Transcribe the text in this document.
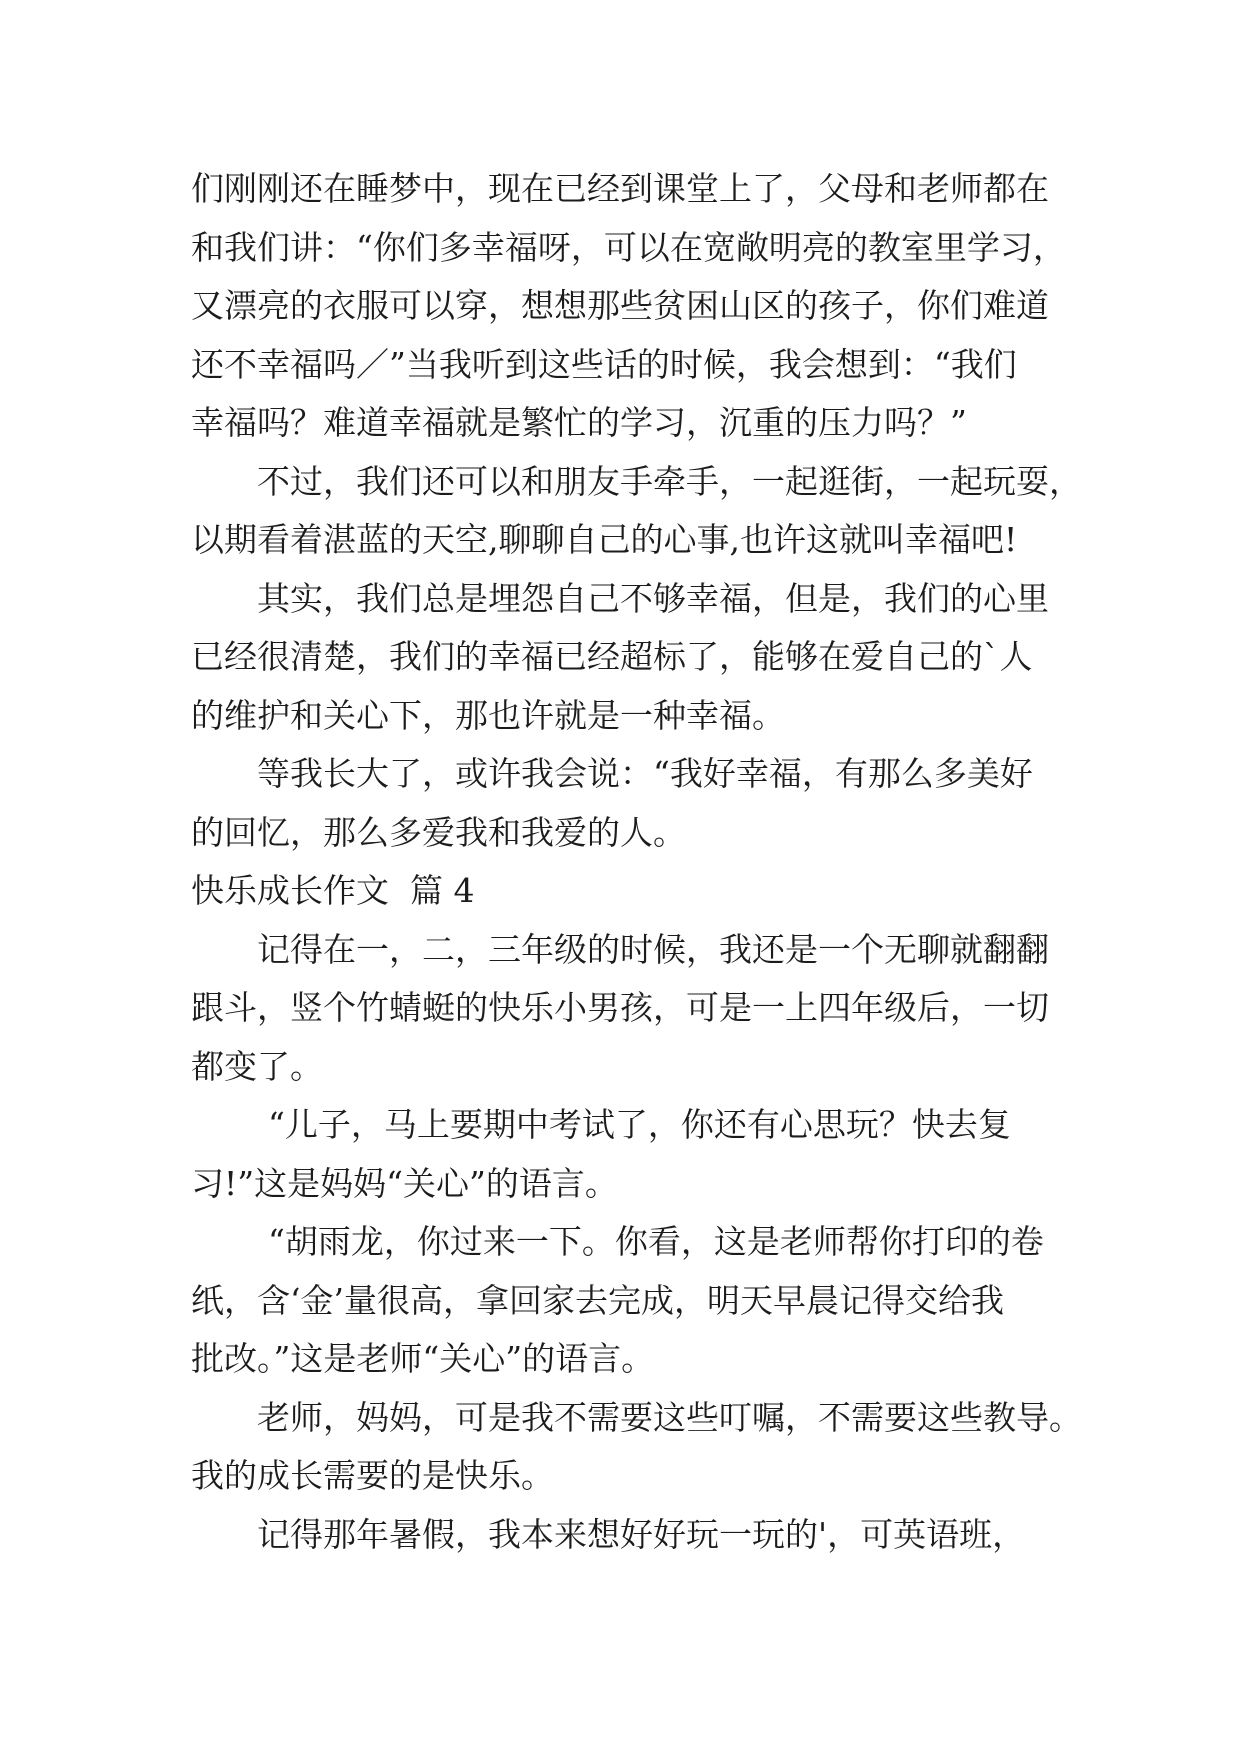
们刚刚还在睡梦中，现在已经到课堂上了，父母和老师都在
和我们讲：“你们多幸福呀，可以在宽敞明亮的教室里学习，
又漂亮的衣服可以穿，想想那些贫困山区的孩子，你们难道
还不幸福吗／”当我听到这些话的时候，我会想到：“我们
幸福吗？难道幸福就是繁忙的学习，沉重的压力吗？”
不过，我们还可以和朋友手牵手，一起逛街，一起玩耍，
以期看着湛蓝的天空,聊聊自己的心事,也许这就叫幸福吧!
其实，我们总是埋怨自己不够幸福，但是，我们的心里
已经很清楚，我们的幸福已经超标了，能够在爱自己的`人
的维护和关心下，那也许就是一种幸福。
等我长大了，或许我会说：“我好幸福，有那么多美好
的回忆，那么多爱我和我爱的人。
快乐成长作文  篇 4
记得在一，二，三年级的时候，我还是一个无聊就翻翻
跟斗，竖个竹蜻蜓的快乐小男孩，可是一上四年级后，一切
都变了。
“儿子，马上要期中考试了，你还有心思玩？快去复
习!”这是妈妈“关心”的语言。
“胡雨龙，你过来一下。你看，这是老师帮你打印的卷
纸，含‘金’量很高，拿回家去完成，明天早晨记得交给我
批改。”这是老师“关心”的语言。
老师，妈妈，可是我不需要这些叮嘱，不需要这些教导。
我的成长需要的是快乐。
记得那年暑假，我本来想好好玩一玩的'，可英语班，
